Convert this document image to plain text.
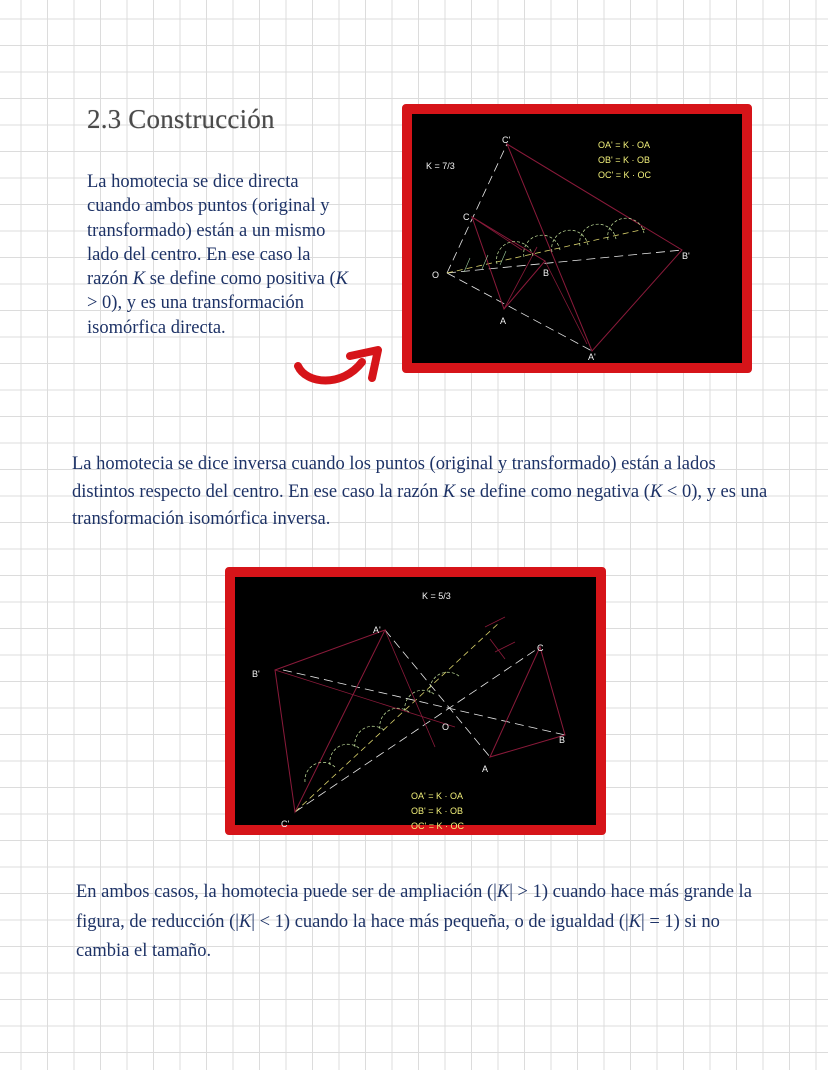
2.3 Construcción

La homotecia se dice directa cuando ambos puntos (original y transformado) están a un mismo lado del centro. En ese caso la razón K se define como positiva (K > 0), y es una transformación isomórfica directa.

K = 7/3
OA' = K · OA
OB' = K · OB
OC' = K · OC
O
A
B
C
A'
B'
C'

La homotecia se dice inversa cuando los puntos (original y transformado) están a lados distintos respecto del centro. En ese caso la razón K se define como negativa (K < 0), y es una transformación isomórfica inversa.

K = 5/3
A'
B'
C'
O
A
B
C
OA' = K · OA
OB' = K · OB
OC' = K · OC

En ambos casos, la homotecia puede ser de ampliación (|K| > 1) cuando hace más grande la figura, de reducción (|K| < 1) cuando la hace más pequeña, o de igualdad (|K| = 1) si no cambia el tamaño.
